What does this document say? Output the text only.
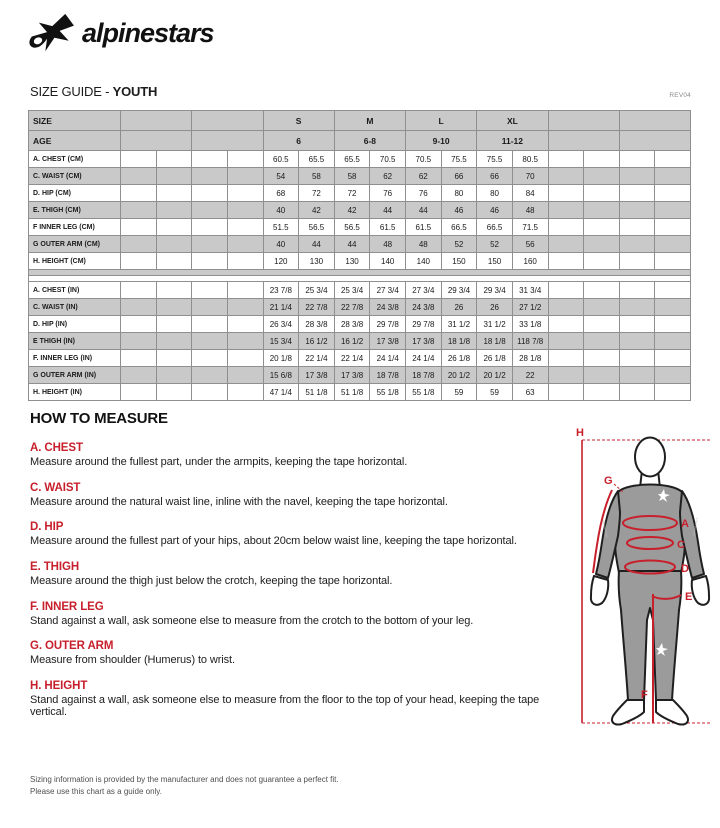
alpinestars
SIZE GUIDE - YOUTH	REV04
SIZE					S		M		L		XL					
AGE					6		6-8		9-10		11-12					
A. CHEST (CM)					60.5	65.5	65.5	70.5	70.5	75.5	75.5	80.5				
C. WAIST (CM)					54	58	58	62	62	66	66	70				
D. HIP (CM)					68	72	72	76	76	80	80	84				
E. THIGH (CM)					40	42	42	44	44	46	46	48				
F INNER LEG (CM)					51.5	56.5	56.5	61.5	61.5	66.5	66.5	71.5				
G OUTER ARM (CM)					40	44	44	48	48	52	52	56				
H. HEIGHT (CM)					120	130	130	140	140	150	150	160				

A. CHEST (IN)					23 7/8	25 3/4	25 3/4	27 3/4	27 3/4	29 3/4	29 3/4	31 3/4				
C. WAIST (IN)					21 1/4	22 7/8	22 7/8	24 3/8	24 3/8	26	26	27 1/2				
D. HIP (IN)					26 3/4	28 3/8	28 3/8	29 7/8	29 7/8	31 1/2	31 1/2	33 1/8				
E THIGH (IN)					15 3/4	16 1/2	16 1/2	17 3/8	17 3/8	18 1/8	18 1/8	118 7/8				
F. INNER LEG (IN)					20 1/8	22 1/4	22 1/4	24 1/4	24 1/4	26 1/8	26 1/8	28 1/8				
G OUTER ARM (IN)					15 6/8	17 3/8	17 3/8	18 7/8	18 7/8	20 1/2	20 1/2	22				
H. HEIGHT (IN)					47 1/4	51 1/8	51 1/8	55 1/8	55 1/8	59	59	63				
HOW TO MEASURE
A. CHEST
Measure around the fullest part, under the armpits, keeping the tape horizontal.
C. WAIST
Measure around the natural waist line, inline with the navel, keeping the tape horizontal.
D. HIP
Measure around the fullest part of your hips, about 20cm below waist line, keeping the tape horizontal.
E. THIGH
Measure around the thigh just below the crotch, keeping the tape horizontal.
F. INNER LEG
Stand against a wall, ask someone else to measure from the crotch to the bottom of your leg.
G. OUTER ARM
Measure from shoulder (Humerus) to wrist.
H. HEIGHT
Stand against a wall, ask someone else to measure from the floor to the top of your head, keeping the tape vertical.
H
alpinestars	alpinestars
G
A
C
D
E
F
Sizing information is provided by the manufacturer and does not guarantee a perfect fit.
Please use this chart as a guide only.
